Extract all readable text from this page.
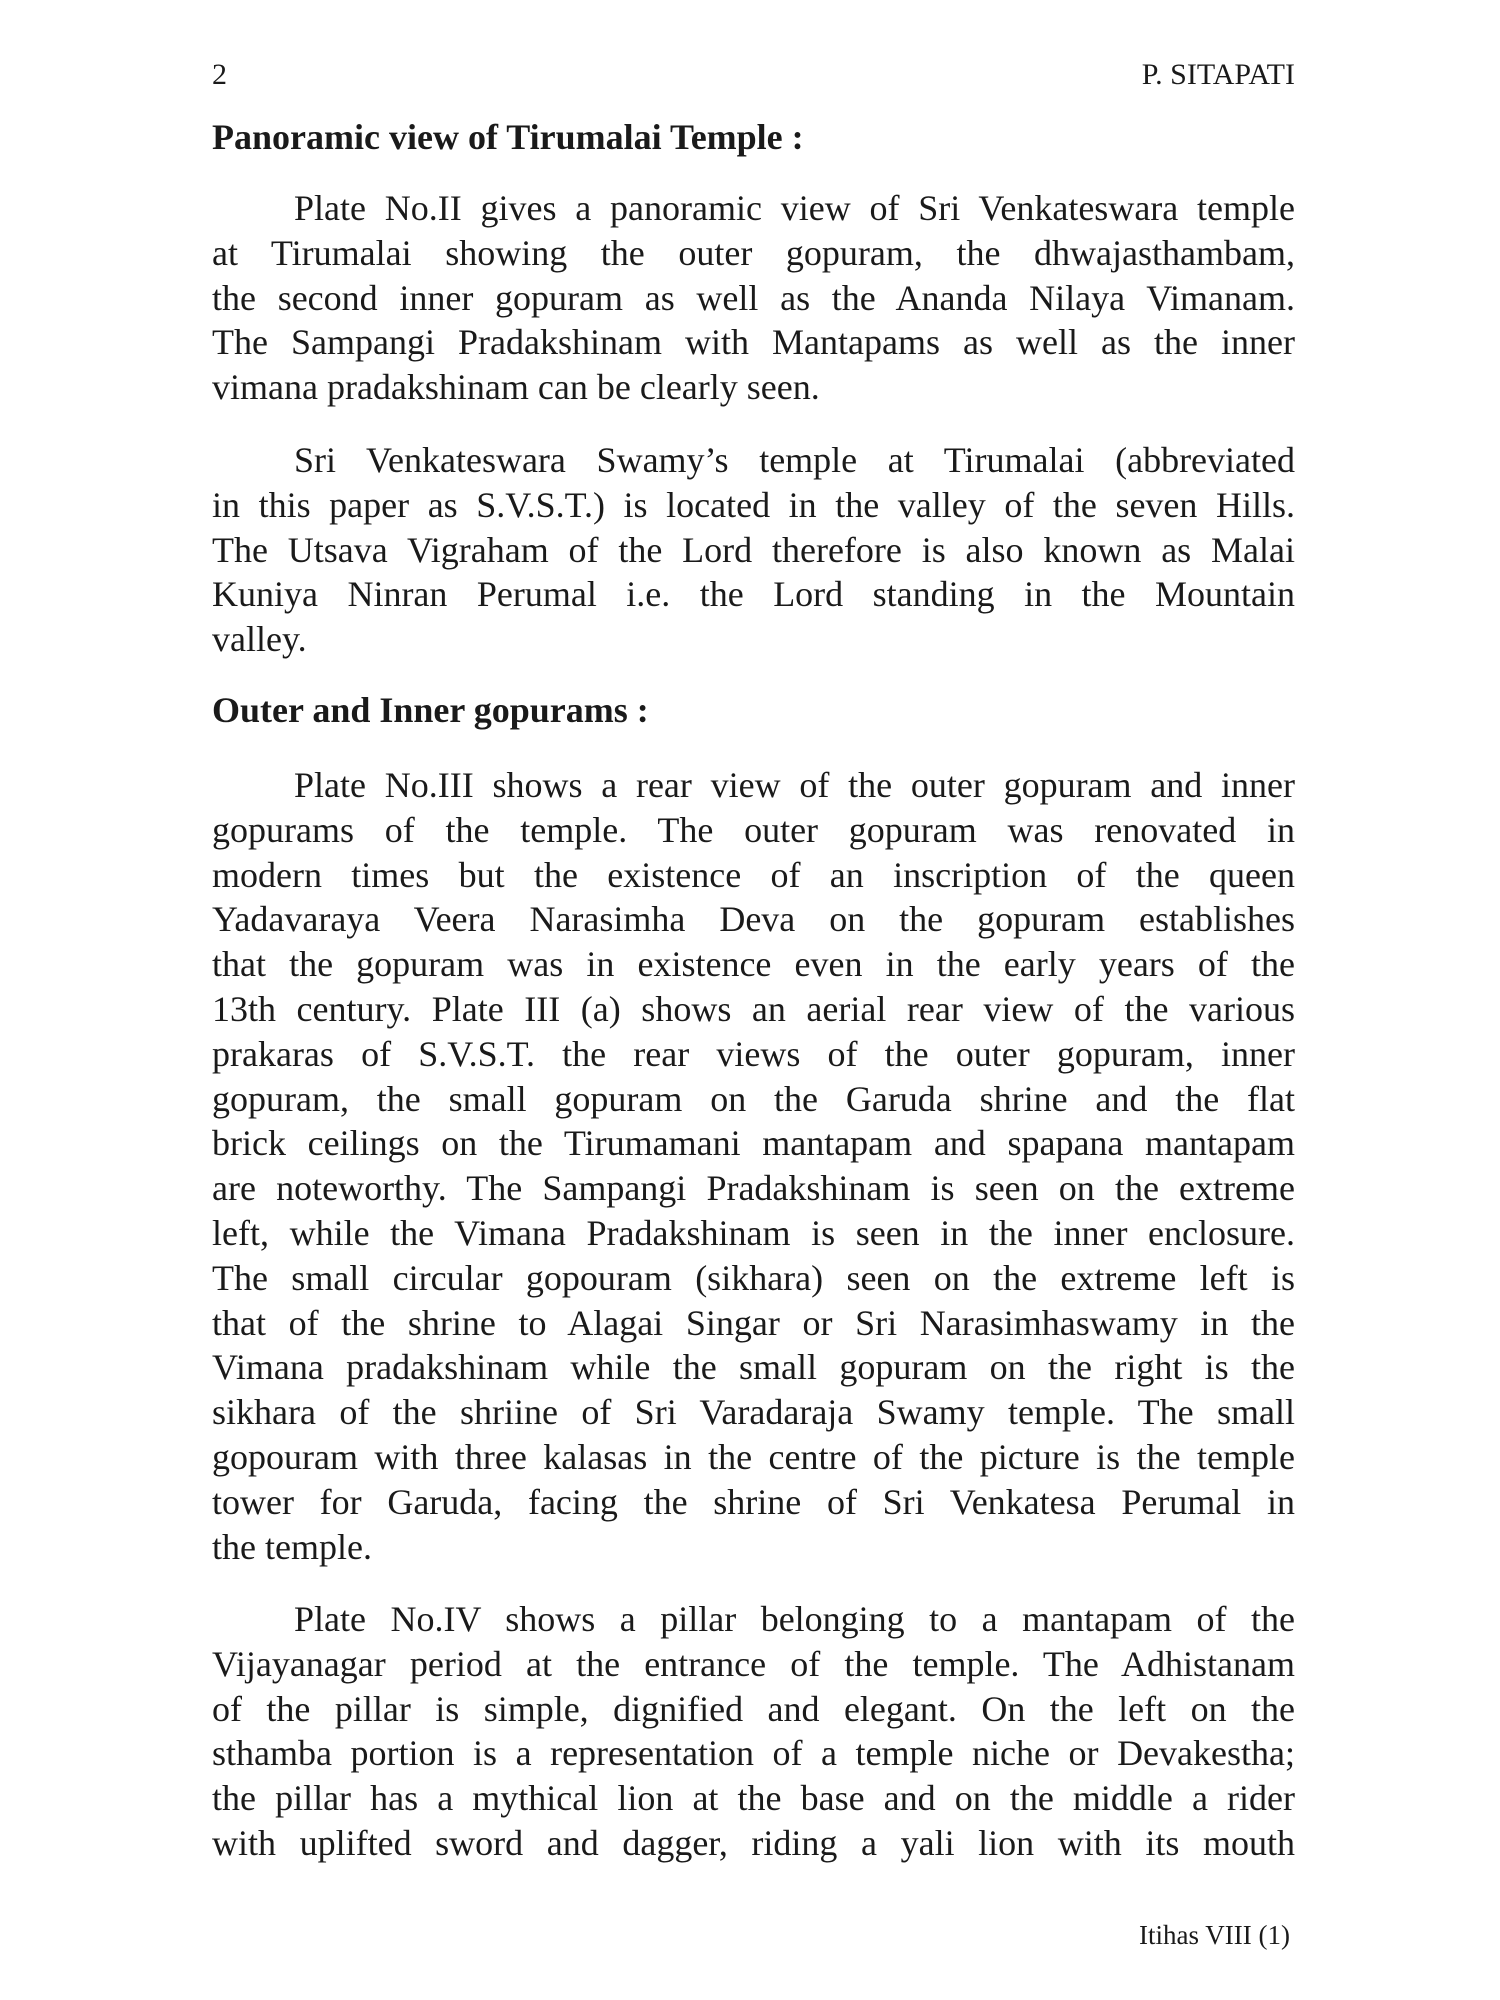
2	P. SITAPATI
Panoramic view of Tirumalai Temple :
Plate No.II gives a panoramic view of Sri Venkateswara temple
at Tirumalai showing the outer gopuram, the dhwajasthambam,
the second inner gopuram as well as the Ananda Nilaya Vimanam.
The Sampangi Pradakshinam with Mantapams as well as the inner
vimana pradakshinam can be clearly seen.
Sri Venkateswara Swamy’s temple at Tirumalai (abbreviated
in this paper as S.V.S.T.) is located in the valley of the seven Hills.
The Utsava Vigraham of the Lord therefore is also known as Malai
Kuniya Ninran Perumal i.e. the Lord standing in the Mountain
valley.
Outer and Inner gopurams :
Plate No.III shows a rear view of the outer gopuram and inner
gopurams of the temple. The outer gopuram was renovated in
modern times but the existence of an inscription of the queen
Yadavaraya Veera Narasimha Deva on the gopuram establishes
that the gopuram was in existence even in the early years of the
13th century. Plate III (a) shows an aerial rear view of the various
prakaras of S.V.S.T. the rear views of the outer gopuram, inner
gopuram, the small gopuram on the Garuda shrine and the flat
brick ceilings on the Tirumamani mantapam and spapana mantapam
are noteworthy. The Sampangi Pradakshinam is seen on the extreme
left, while the Vimana Pradakshinam is seen in the inner enclosure.
The small circular gopouram (sikhara) seen on the extreme left is
that of the shrine to Alagai Singar or Sri Narasimhaswamy in the
Vimana pradakshinam while the small gopuram on the right is the
sikhara of the shriine of Sri Varadaraja Swamy temple. The small
gopouram with three kalasas in the centre of the picture is the temple
tower for Garuda, facing the shrine of Sri Venkatesa Perumal in
the temple.
Plate No.IV shows a pillar belonging to a mantapam of the
Vijayanagar period at the entrance of the temple. The Adhistanam
of the pillar is simple, dignified and elegant. On the left on the
sthamba portion is a representation of a temple niche or Devakestha;
the pillar has a mythical lion at the base and on the middle a rider
with uplifted sword and dagger, riding a yali lion with its mouth
Itihas VIII (1)
